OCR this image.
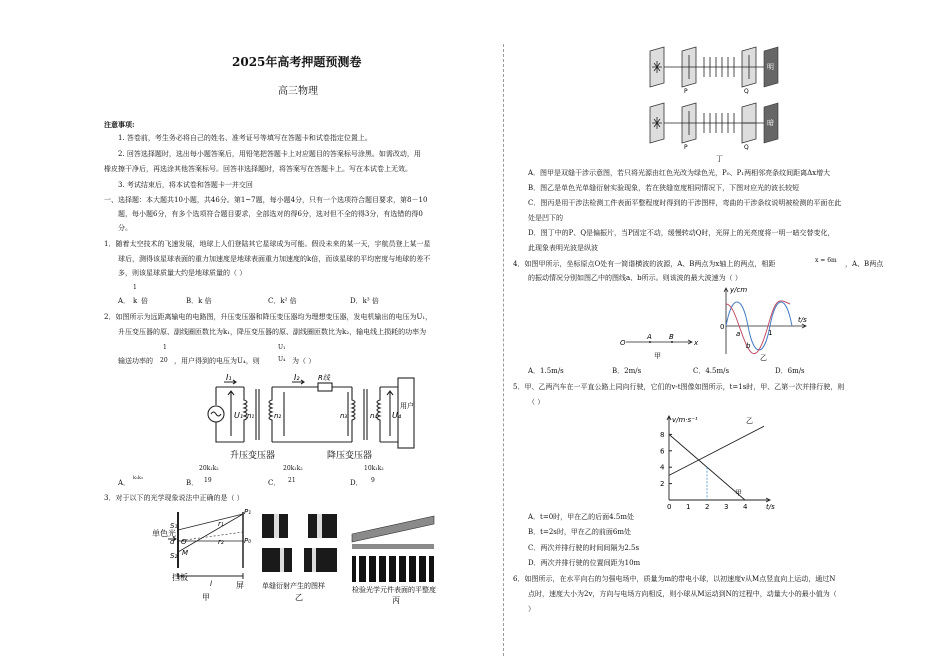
2025年高考押题预测卷
高三物理
注意事项:
1. 答卷前，考生务必将自己的姓名、准考证号等填写在答题卡和试卷指定位置上。
2. 回答选择题时，选出每小题答案后，用铅笔把答题卡上对应题目的答案标号涂黑。如需改动，用
橡皮擦干净后，再选涂其他答案标号。回答非选择题时，将答案写在答题卡上。写在本试卷上无效。
3. 考试结束后，将本试卷和答题卡一并交回
一、选择题：本大题共10小题，共46分。第1~7题，每小题4分，只有一个选项符合题目要求，第8－10
题，每小题6分，有多个选项符合题目要求，全部选对的得6分，选对但不全的得3分，有选错的得0
分。
1．随着太空技术的飞速发展，地球上人们登陆其它星球成为可能。假设未来的某一天，宇航员登上某一星
球后，测得该星球表面的重力加速度是地球表面重力加速度的k倍，而该星球的平均密度与地球的差不
多，则该星球质量大约是地球质量的（ ）
A．
1
k 倍	B．k 倍	C．k² 倍	D．k³ 倍
2．如图所示为远距离输电的电路图，升压变压器和降压变压器均为理想变压器，发电机输出的电压为U₁，
升压变压器的原、副线圈匝数比为k₁，降压变压器的原、副线圈匝数比为k₂，输电线上损耗的功率为
输送功率的
1
20 ，用户得到的电压为U₄，则
U₁
U₄ 为（ ）
I₁	I₂	R线
U₁ n₁	n₂	n₃	n₄ U₄
用户
升压变压器	降压变压器
A．
k₁k₂
B．
20k₁k₂
19	C．
20k₁k₂
21	D．
10k₁k₂
9
3．对于以下的光学现象说法中正确的是（ ）
单色光
S₁
S₂
d O
M
r₁
r₂
P₁
P₀
l
挡板
屏
甲
单缝衍射产生的图样
乙
检验光学元件表面的平整度
丙
P	Q
P	Q
明
暗
丁
A．图甲是双缝干涉示意图，若只将光源由红色光改为绿色光，P₀、P₁两相邻亮条纹间距离Δx增大
B．图乙是单色光单缝衍射实验现象，若在狭缝宽度相同情况下，下图对应光的波长较短
C．图丙是用干涉法检测工件表面平整程度时得到的干涉图样，弯曲的干涉条纹说明被检测的平面在此
处是凹下的
D．图丁中的P、Q是偏振片，当P固定不动，缓慢转动Q时，光屏上的光亮度将一明一暗交替变化，
此现象表明光波是纵波
4．如图甲所示，坐标原点O处有一简谐横波的波源，A、B两点为x轴上的两点，相距	x = 6m ，A、B两点
的振动情况分别如图乙中的图线a、b所示。则该波的最大波速为（ ）
O
A B
x
甲
y/cm
t/s
0
1
a
b
乙
A．1.5m/s	B．2m/s	C．4.5m/s	D．6m/s
5．甲、乙两汽车在一平直公路上同向行驶，它们的v-t图像如图所示，t=1s时，甲、乙第一次并排行驶，则
（ ）
2
4
6
8
0 1 2 3 4
甲
乙
t/s
v/m·s⁻¹
A．t=0时，甲在乙的后面4.5m处
B．t=2s时，甲在乙的前面6m处
C．两次并排行驶的时间间隔为2.5s
D．两次并排行驶的位置间距为10m
6．如图所示，在水平向右的匀强电场中，质量为m的带电小球，以初速度v从M点竖直向上运动，通过N
点时，速度大小为2v，方向与电场方向相反，则小球从M运动到N的过程中，动量大小的最小值为（
）
